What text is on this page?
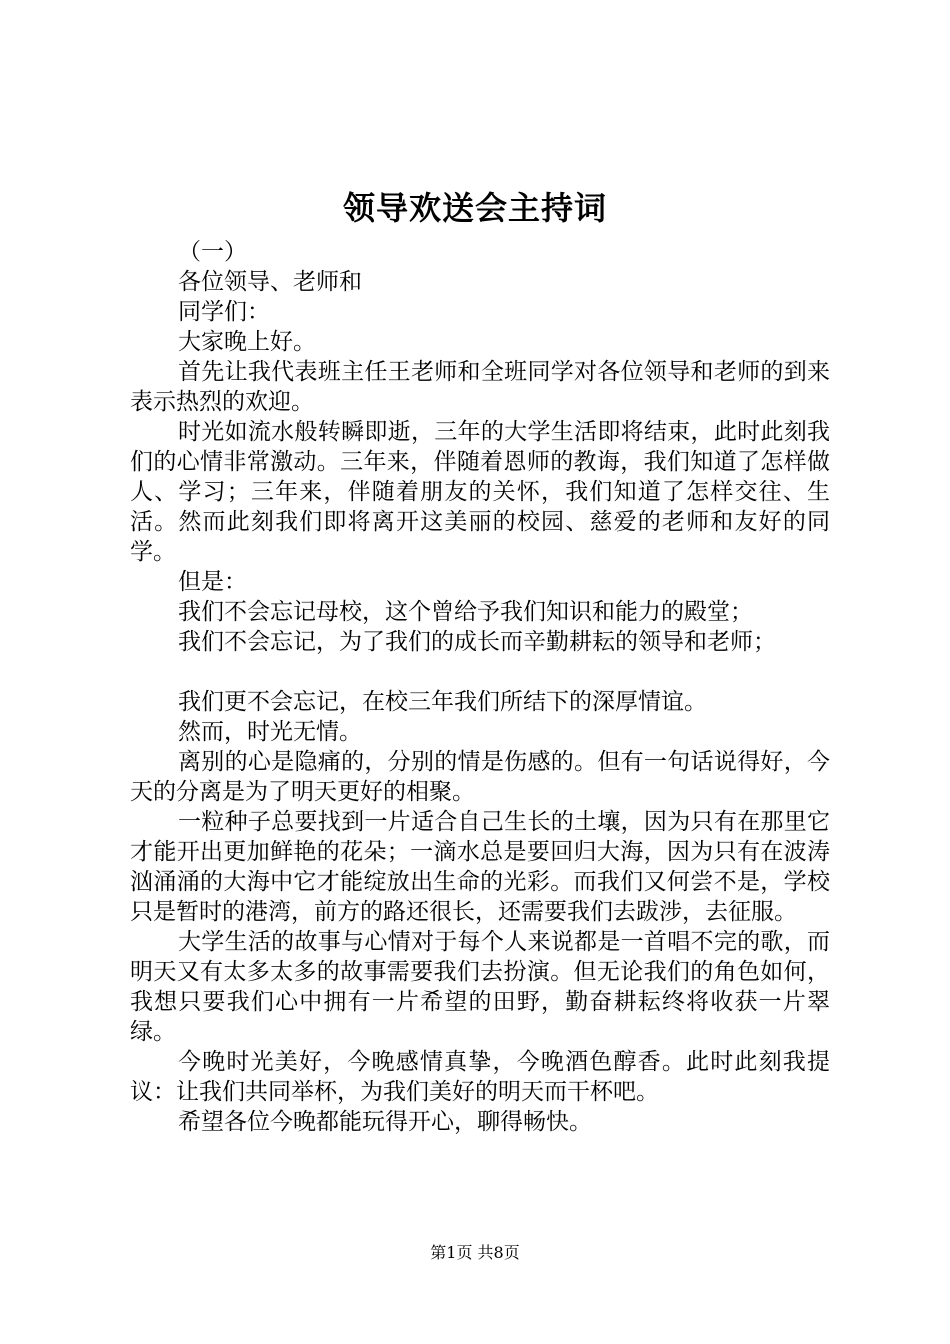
领导欢送会主持词

（一）

各位领导、老师和

同学们：

大家晚上好。

首先让我代表班主任王老师和全班同学对各位领导和老师的到来表示热烈的欢迎。

时光如流水般转瞬即逝，三年的大学生活即将结束，此时此刻我们的心情非常激动。三年来，伴随着恩师的教诲，我们知道了怎样做人、学习；三年来，伴随着朋友的关怀，我们知道了怎样交往、生活。然而此刻我们即将离开这美丽的校园、慈爱的老师和友好的同学。

但是：

我们不会忘记母校，这个曾给予我们知识和能力的殿堂；

我们不会忘记，为了我们的成长而辛勤耕耘的领导和老师；

我们更不会忘记，在校三年我们所结下的深厚情谊。

然而，时光无情。

离别的心是隐痛的，分别的情是伤感的。但有一句话说得好，今天的分离是为了明天更好的相聚。

一粒种子总要找到一片适合自己生长的土壤，因为只有在那里它才能开出更加鲜艳的花朵；一滴水总是要回归大海，因为只有在波涛汹涌涌的大海中它才能绽放出生命的光彩。而我们又何尝不是，学校只是暂时的港湾，前方的路还很长，还需要我们去跋涉，去征服。

大学生活的故事与心情对于每个人来说都是一首唱不完的歌，而明天又有太多太多的故事需要我们去扮演。但无论我们的角色如何，我想只要我们心中拥有一片希望的田野，勤奋耕耘终将收获一片翠绿。

今晚时光美好，今晚感情真挚，今晚酒色醇香。此时此刻我提议：让我们共同举杯，为我们美好的明天而干杯吧。

希望各位今晚都能玩得开心，聊得畅快。

第1页 共8页
